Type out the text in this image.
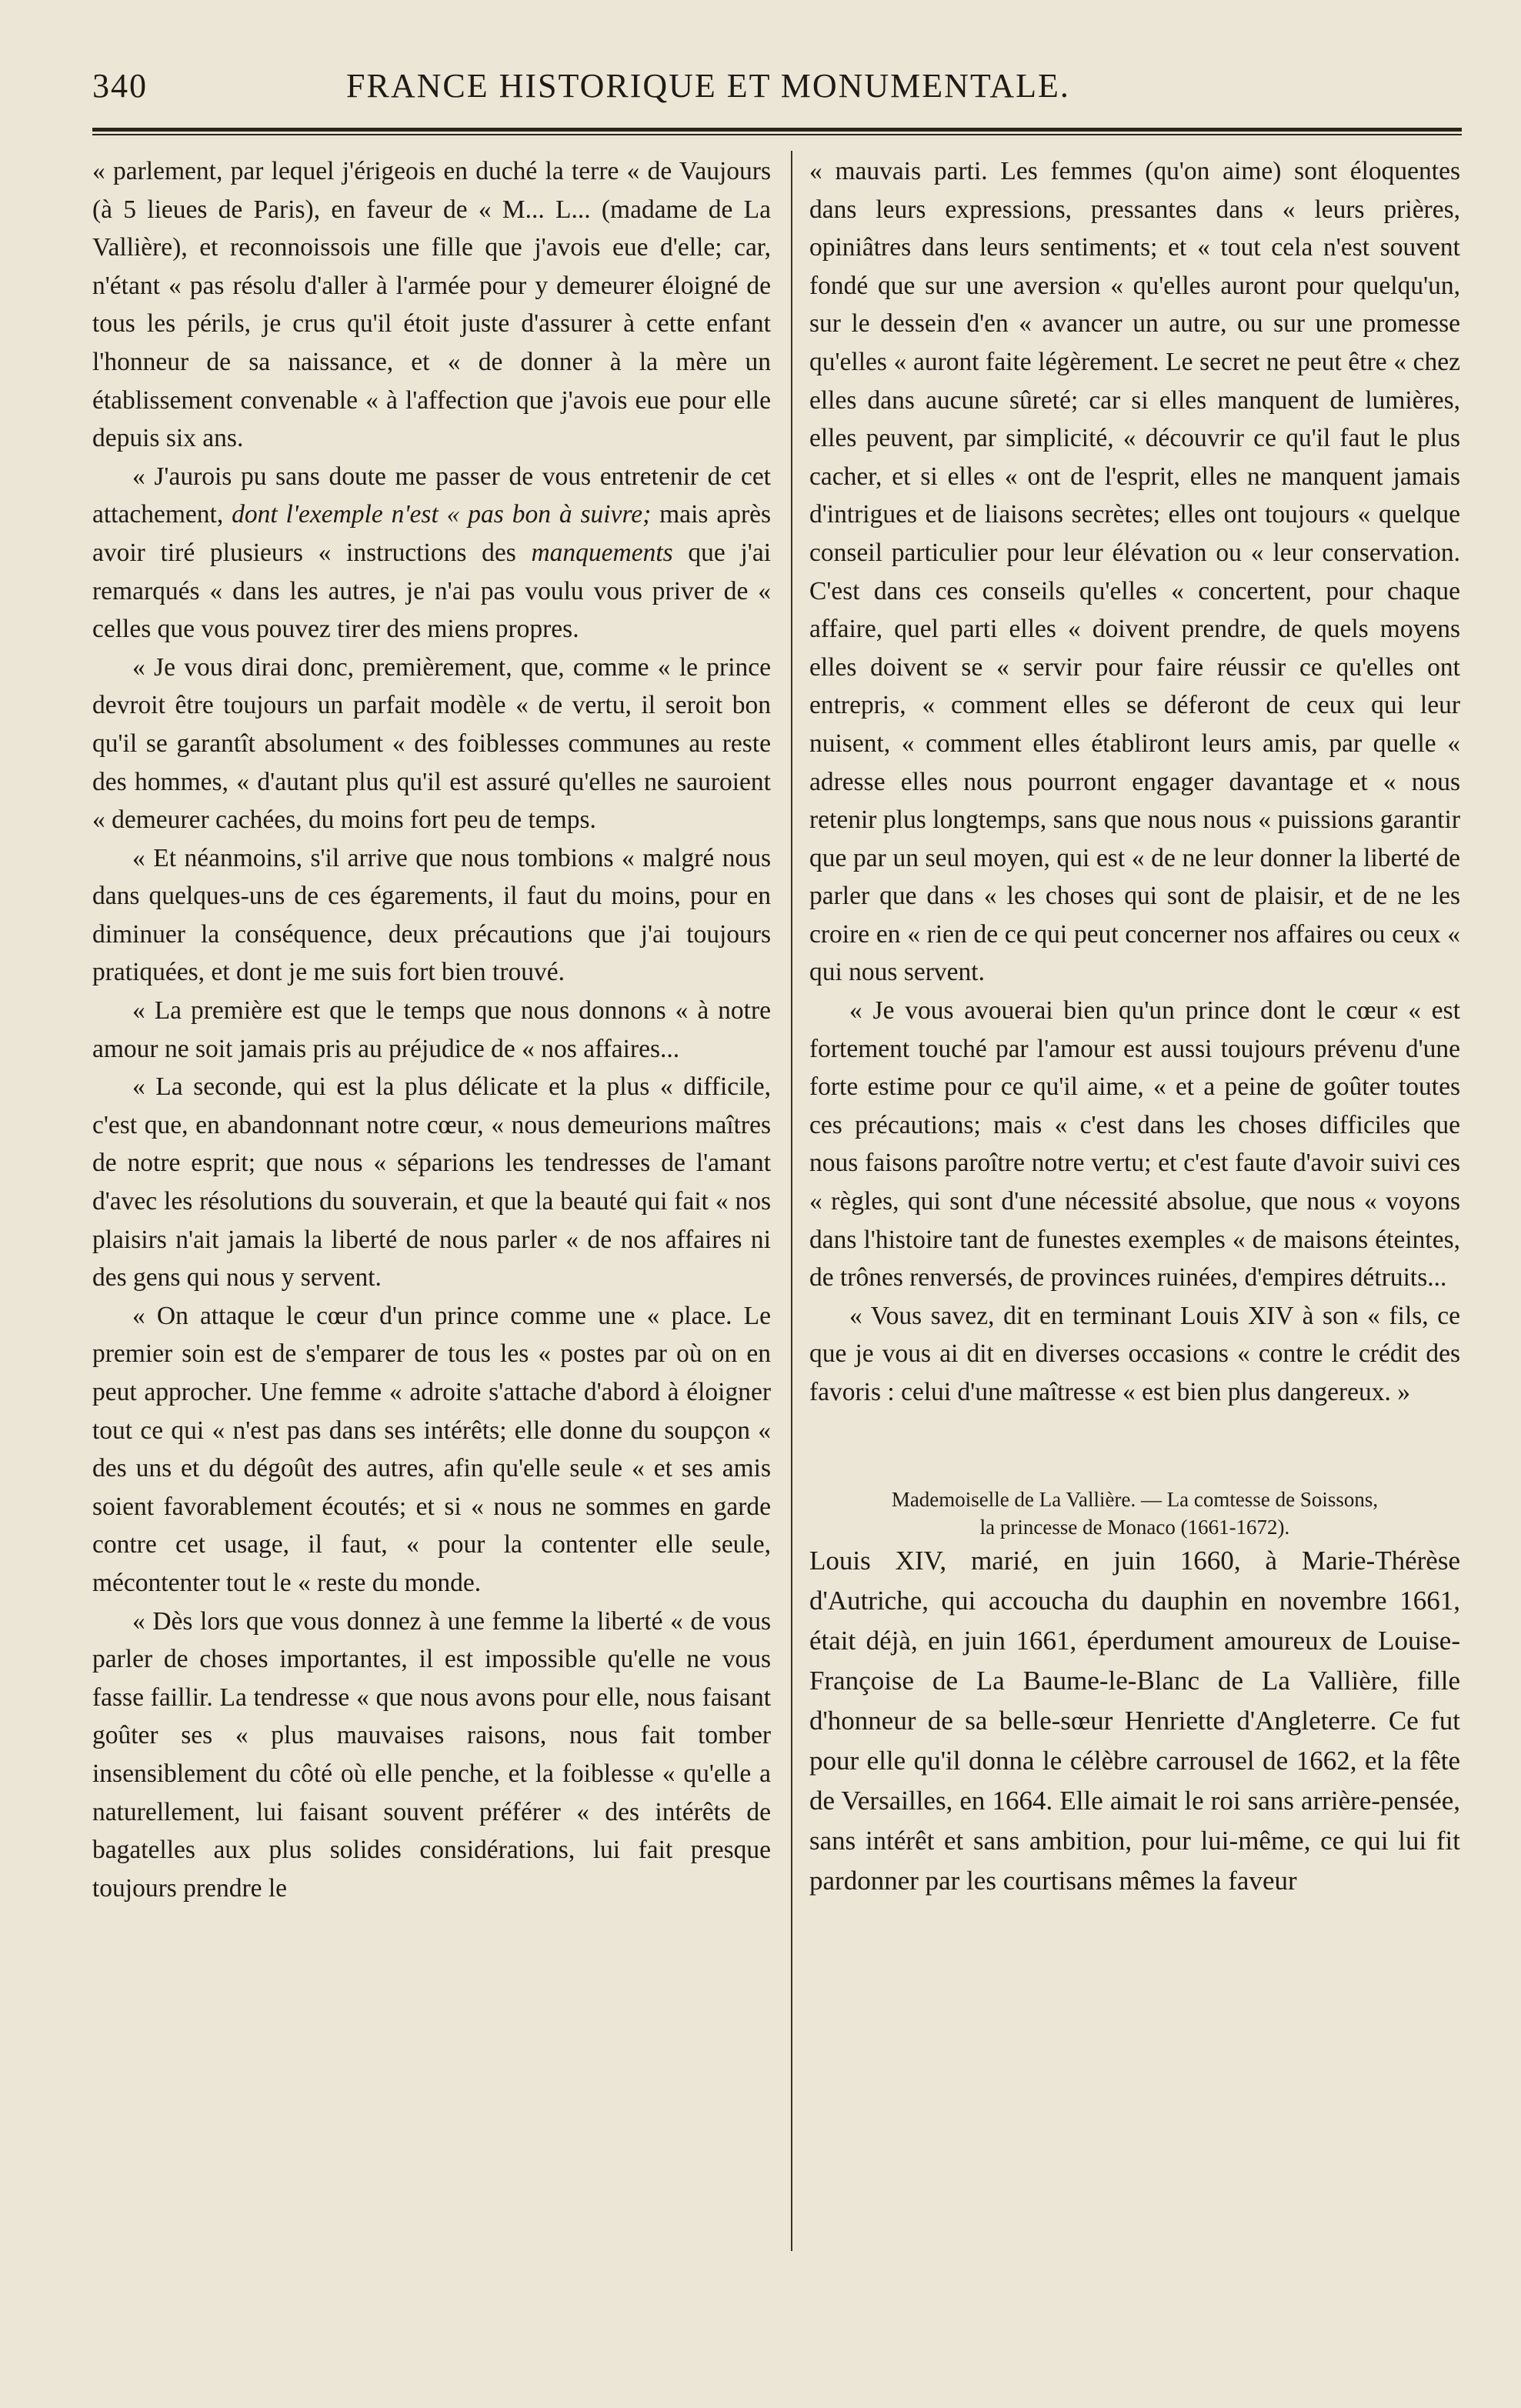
340	FRANCE HISTORIQUE ET MONUMENTALE.

« parlement, par lequel j'érigeois en duché la terre « de Vaujours (à 5 lieues de Paris), en faveur de « M... L... (madame de La Vallière), et reconnoissois une fille que j'avois eue d'elle; car, n'étant « pas résolu d'aller à l'armée pour y demeurer éloigné de tous les périls, je crus qu'il étoit juste d'assurer à cette enfant l'honneur de sa naissance, et « de donner à la mère un établissement convenable « à l'affection que j'avois eue pour elle depuis six ans.

« J'aurois pu sans doute me passer de vous entretenir de cet attachement, dont l'exemple n'est « pas bon à suivre; mais après avoir tiré plusieurs « instructions des manquements que j'ai remarqués « dans les autres, je n'ai pas voulu vous priver de « celles que vous pouvez tirer des miens propres.

« Je vous dirai donc, premièrement, que, comme « le prince devroit être toujours un parfait modèle « de vertu, il seroit bon qu'il se garantît absolument « des foiblesses communes au reste des hommes, « d'autant plus qu'il est assuré qu'elles ne sauroient « demeurer cachées, du moins fort peu de temps.

« Et néanmoins, s'il arrive que nous tombions « malgré nous dans quelques-uns de ces égarements, il faut du moins, pour en diminuer la conséquence, deux précautions que j'ai toujours pratiquées, et dont je me suis fort bien trouvé.

« La première est que le temps que nous donnons « à notre amour ne soit jamais pris au préjudice de « nos affaires...

« La seconde, qui est la plus délicate et la plus « difficile, c'est que, en abandonnant notre cœur, « nous demeurions maîtres de notre esprit; que nous « séparions les tendresses de l'amant d'avec les résolutions du souverain, et que la beauté qui fait « nos plaisirs n'ait jamais la liberté de nous parler « de nos affaires ni des gens qui nous y servent.

« On attaque le cœur d'un prince comme une « place. Le premier soin est de s'emparer de tous les « postes par où on en peut approcher. Une femme « adroite s'attache d'abord à éloigner tout ce qui « n'est pas dans ses intérêts; elle donne du soupçon « des uns et du dégoût des autres, afin qu'elle seule « et ses amis soient favorablement écoutés; et si « nous ne sommes en garde contre cet usage, il faut, « pour la contenter elle seule, mécontenter tout le « reste du monde.

« Dès lors que vous donnez à une femme la liberté « de vous parler de choses importantes, il est impossible qu'elle ne vous fasse faillir. La tendresse « que nous avons pour elle, nous faisant goûter ses « plus mauvaises raisons, nous fait tomber insensiblement du côté où elle penche, et la foiblesse « qu'elle a naturellement, lui faisant souvent préférer « des intérêts de bagatelles aux plus solides considérations, lui fait presque toujours prendre le

« mauvais parti. Les femmes (qu'on aime) sont éloquentes dans leurs expressions, pressantes dans « leurs prières, opiniâtres dans leurs sentiments; et « tout cela n'est souvent fondé que sur une aversion « qu'elles auront pour quelqu'un, sur le dessein d'en « avancer un autre, ou sur une promesse qu'elles « auront faite légèrement. Le secret ne peut être « chez elles dans aucune sûreté; car si elles manquent de lumières, elles peuvent, par simplicité, « découvrir ce qu'il faut le plus cacher, et si elles « ont de l'esprit, elles ne manquent jamais d'intrigues et de liaisons secrètes; elles ont toujours « quelque conseil particulier pour leur élévation ou « leur conservation. C'est dans ces conseils qu'elles « concertent, pour chaque affaire, quel parti elles « doivent prendre, de quels moyens elles doivent se « servir pour faire réussir ce qu'elles ont entrepris, « comment elles se déferont de ceux qui leur nuisent, « comment elles établiront leurs amis, par quelle « adresse elles nous pourront engager davantage et « nous retenir plus longtemps, sans que nous nous « puissions garantir que par un seul moyen, qui est « de ne leur donner la liberté de parler que dans « les choses qui sont de plaisir, et de ne les croire en « rien de ce qui peut concerner nos affaires ou ceux « qui nous servent.

« Je vous avouerai bien qu'un prince dont le cœur « est fortement touché par l'amour est aussi toujours prévenu d'une forte estime pour ce qu'il aime, « et a peine de goûter toutes ces précautions; mais « c'est dans les choses difficiles que nous faisons paroître notre vertu; et c'est faute d'avoir suivi ces « règles, qui sont d'une nécessité absolue, que nous « voyons dans l'histoire tant de funestes exemples « de maisons éteintes, de trônes renversés, de provinces ruinées, d'empires détruits...

« Vous savez, dit en terminant Louis XIV à son « fils, ce que je vous ai dit en diverses occasions « contre le crédit des favoris : celui d'une maîtresse « est bien plus dangereux. »

Mademoiselle de La Vallière. — La comtesse de Soissons,
la princesse de Monaco (1661-1672).

Louis XIV, marié, en juin 1660, à Marie-Thérèse d'Autriche, qui accoucha du dauphin en novembre 1661, était déjà, en juin 1661, éperdument amoureux de Louise-Françoise de La Baume-le-Blanc de La Vallière, fille d'honneur de sa belle-sœur Henriette d'Angleterre. Ce fut pour elle qu'il donna le célèbre carrousel de 1662, et la fête de Versailles, en 1664. Elle aimait le roi sans arrière-pensée, sans intérêt et sans ambition, pour lui-même, ce qui lui fit pardonner par les courtisans mêmes la faveur
